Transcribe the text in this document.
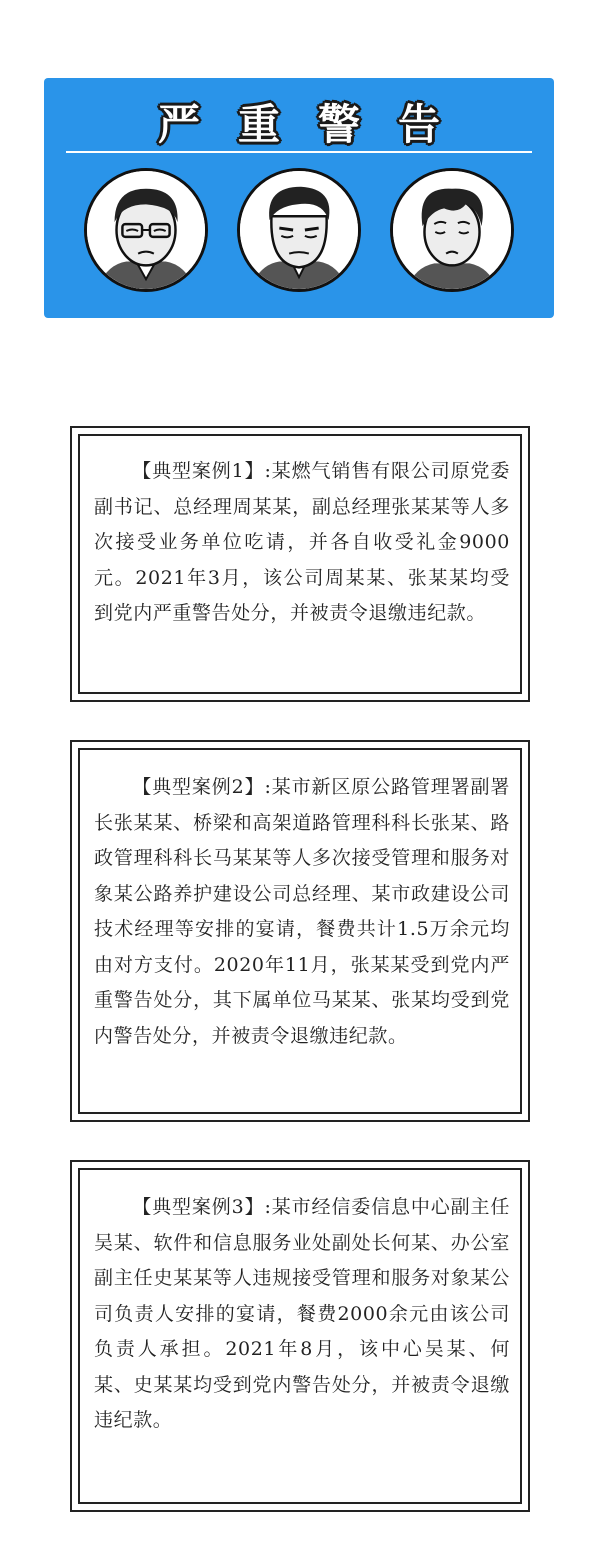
严重警告
【典型案例1】:某燃气销售有限公司原党委副书记、总经理周某某，副总经理张某某等人多次接受业务单位吃请，并各自收受礼金9000元。2021年3月，该公司周某某、张某某均受到党内严重警告处分，并被责令退缴违纪款。
【典型案例2】:某市新区原公路管理署副署长张某某、桥梁和高架道路管理科科长张某、路政管理科科长马某某等人多次接受管理和服务对象某公路养护建设公司总经理、某市政建设公司技术经理等安排的宴请，餐费共计1.5万余元均由对方支付。2020年11月，张某某受到党内严重警告处分，其下属单位马某某、张某均受到党内警告处分，并被责令退缴违纪款。
【典型案例3】:某市经信委信息中心副主任吴某、软件和信息服务业处副处长何某、办公室副主任史某某等人违规接受管理和服务对象某公司负责人安排的宴请，餐费2000余元由该公司负责人承担。2021年8月，该中心吴某、何某、史某某均受到党内警告处分，并被责令退缴违纪款。
